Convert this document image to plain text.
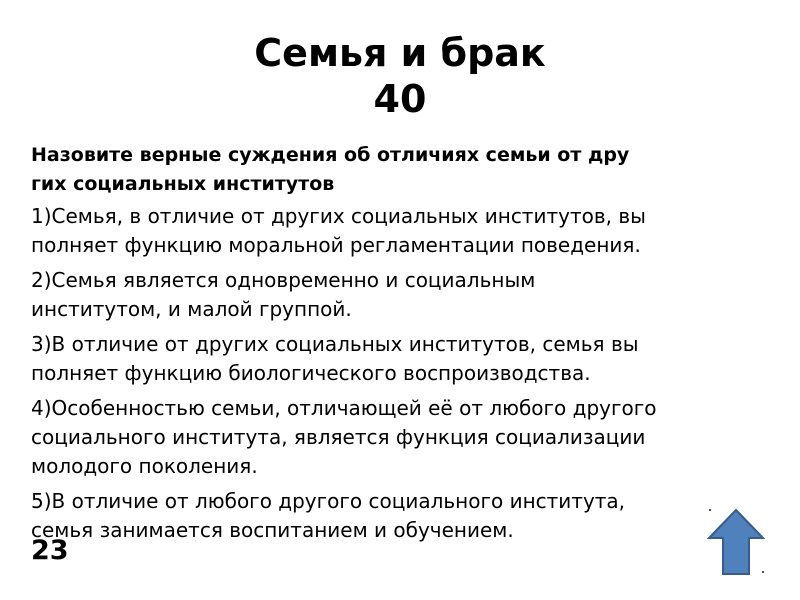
Семья и брак
40
Назовите верные суждения об отличиях семьи от дру
гих социальных институтов
1)Семья, в отличие от других социальных институтов, вы
полняет функцию моральной регламентации поведения.
2)Семья является одновременно и социальным
институтом, и малой группой.
3)В отличие от других социальных институтов, семья вы
полняет функцию биологического воспроизводства.
4)Особенностью семьи, отличающей её от любого другого
социального института, является функция социализации
молодого поколения.
5)В отличие от любого другого социального института,
семья занимается воспитанием и обучением.
23
